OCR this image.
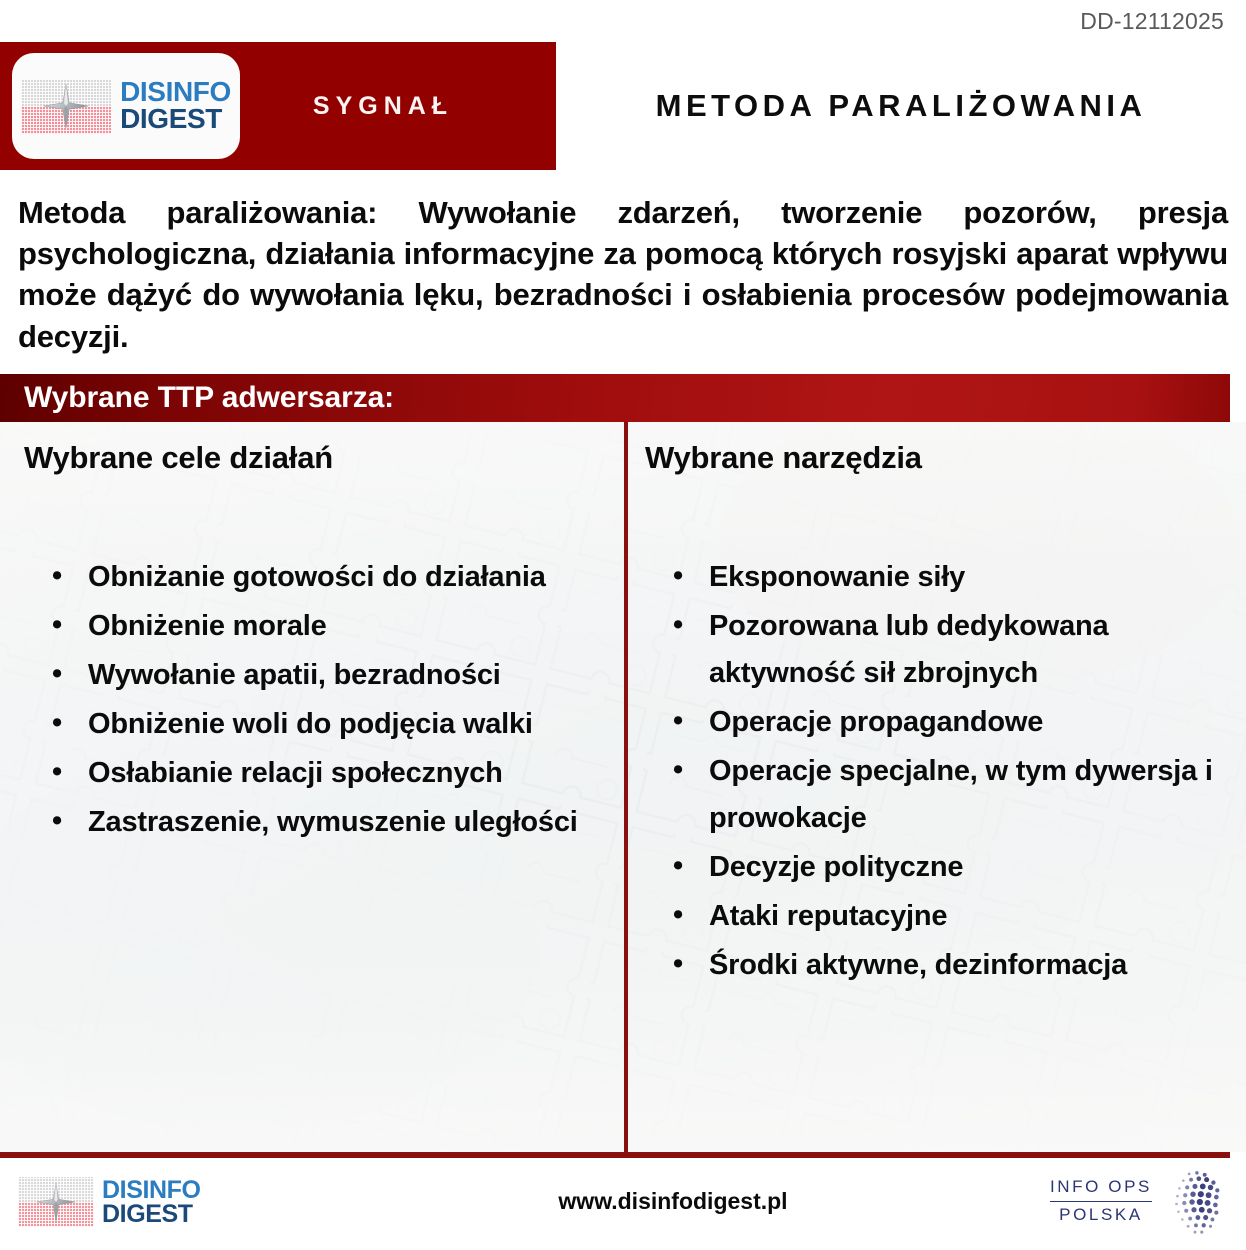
DD-12112025
DISINFO
DIGEST	SYGNAŁ	METODA PARALIŻOWANIA
Metoda paraliżowania: Wywołanie zdarzeń, tworzenie pozorów, presja psychologiczna, działania informacyjne za pomocą których rosyjski aparat wpływu może dążyć do wywołania lęku, bezradności i osłabienia procesów podejmowania decyzji.
Wybrane TTP adwersarza:
Wybrane cele działań
• Obniżanie gotowości do działania
• Obniżenie morale
• Wywołanie apatii, bezradności
• Obniżenie woli do podjęcia walki
• Osłabianie relacji społecznych
• Zastraszenie, wymuszenie uległości
Wybrane narzędzia
• Eksponowanie siły
• Pozorowana lub dedykowana aktywność sił zbrojnych
• Operacje propagandowe
• Operacje specjalne, w tym dywersja i prowokacje
• Decyzje polityczne
• Ataki reputacyjne
• Środki aktywne, dezinformacja
DISINFO
DIGEST	www.disinfodigest.pl
INFO OPS
POLSKA
